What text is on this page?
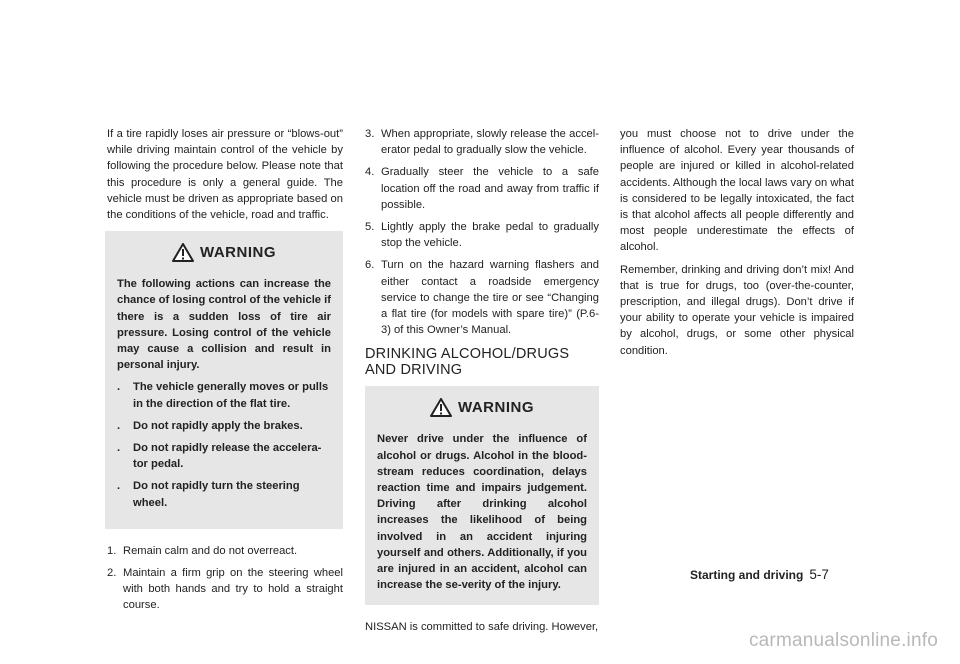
If a tire rapidly loses air pressure or “blows-out” while driving maintain control of the vehicle by following the procedure below. Please note that this procedure is only a general guide. The vehicle must be driven as appropriate based on the conditions of the vehicle, road and traffic.

WARNING
The following actions can increase the chance of losing control of the vehicle if there is a sudden loss of tire air pressure. Losing control of the vehicle may cause a collision and result in personal injury.
.	The vehicle generally moves or pulls in the direction of the flat tire.
.	Do not rapidly apply the brakes.
.	Do not rapidly release the accelera-tor pedal.
.	Do not rapidly turn the steering wheel.
1. Remain calm and do not overreact.
2. Maintain a firm grip on the steering wheel with both hands and try to hold a straight course.
3. When appropriate, slowly release the accel-erator pedal to gradually slow the vehicle.
4. Gradually steer the vehicle to a safe location off the road and away from traffic if possible.
5. Lightly apply the brake pedal to gradually stop the vehicle.
6. Turn on the hazard warning flashers and either contact a roadside emergency service to change the tire or see “Changing a flat tire (for models with spare tire)” (P.6-3) of this Owner’s Manual.
DRINKING ALCOHOL/DRUGS AND DRIVING
WARNING
Never drive under the influence of alcohol or drugs. Alcohol in the blood-stream reduces coordination, delays reaction time and impairs judgement. Driving after drinking alcohol increases the likelihood of being involved in an accident injuring yourself and others. Additionally, if you are injured in an accident, alcohol can increase the se-verity of the injury.

NISSAN is committed to safe driving. However,

you must choose not to drive under the influence of alcohol. Every year thousands of people are injured or killed in alcohol-related accidents. Although the local laws vary on what is considered to be legally intoxicated, the fact is that alcohol affects all people differently and most people underestimate the effects of alcohol.

Remember, drinking and driving don’t mix! And that is true for drugs, too (over-the-counter, prescription, and illegal drugs). Don’t drive if your ability to operate your vehicle is impaired by alcohol, drugs, or some other physical condition.

Starting and driving 5-7
carmanualsonline.info
